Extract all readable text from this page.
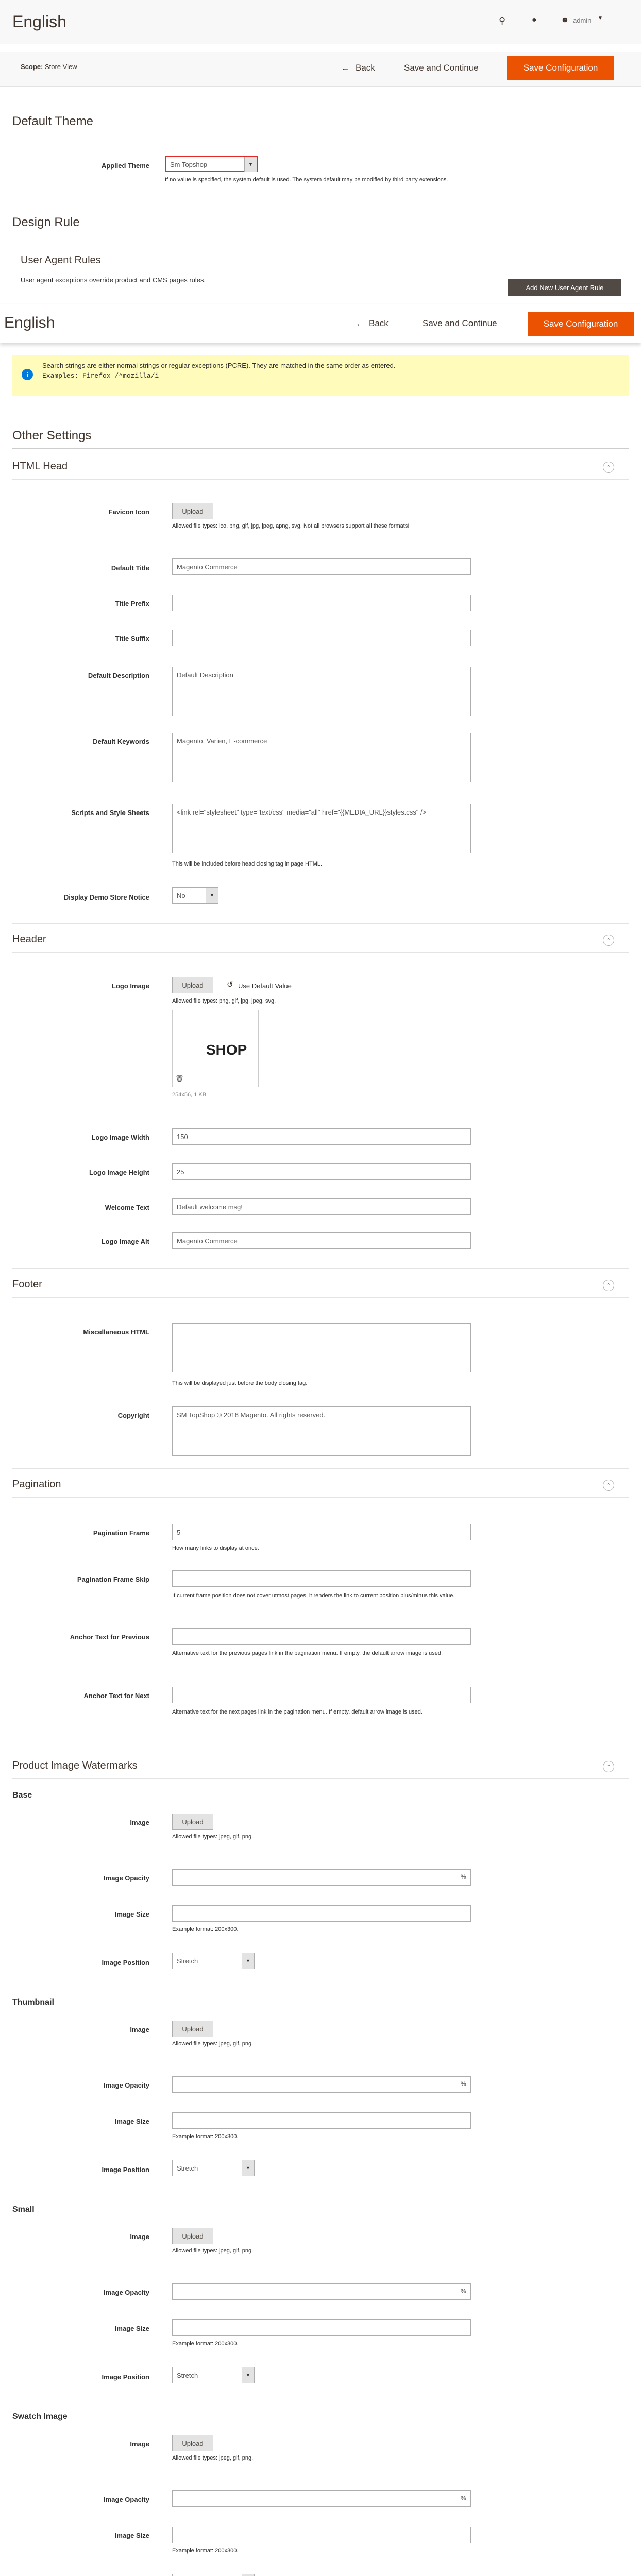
English	⚲	●	☻ admin ▼
Scope: Store View	← Back	Save and Continue	Save Configuration
Default Theme
Applied Theme	Sm Topshop	▼
If no value is specified, the system default is used. The system default may be modified by third party extensions.
Design Rule
User Agent Rules
User agent exceptions override product and CMS pages rules.
Add New User Agent Rule
English	← Back	Save and Continue	Save Configuration
i
Search strings are either normal strings or regular exceptions (PCRE). They are matched in the same order as entered.
Examples: Firefox /^mozilla/i
Other Settings
HTML Head	⌃
Favicon Icon	Upload
Allowed file types: ico, png, gif, jpg, jpeg, apng, svg. Not all browsers support all these formats!
Default Title	Magento Commerce
Title Prefix
Title Suffix
Default Description	Default Description
Default Keywords	Magento, Varien, E-commerce
Scripts and Style Sheets	<link rel="stylesheet" type="text/css" media="all" href="{{MEDIA_URL}}styles.css" />
This will be included before head closing tag in page HTML.
Display Demo Store Notice	No	▼
Header	⌃
Logo Image	Upload	↺ Use Default Value
Allowed file types: png, gif, jpg, jpeg, svg.
SHOP
🗑
254x56, 1 KB
Logo Image Width	150
Logo Image Height	25
Welcome Text	Default welcome msg!
Logo Image Alt	Magento Commerce
Footer	⌃
Miscellaneous HTML
This will be displayed just before the body closing tag.
Copyright	SM TopShop © 2018 Magento. All rights reserved.
Pagination	⌃
Pagination Frame	5
How many links to display at once.
Pagination Frame Skip
If current frame position does not cover utmost pages, it renders the link to current position plus/minus this value.
Anchor Text for Previous
Alternative text for the previous pages link in the pagination menu. If empty, the default arrow image is used.
Anchor Text for Next
Alternative text for the next pages link in the pagination menu. If empty, default arrow image is used.
Product Image Watermarks	⌃
Base
Image	Upload
Allowed file types: jpeg, gif, png.
Image Opacity	%
Image Size
Example format: 200x300.
Image Position	Stretch	▼
Thumbnail
Image	Upload
Allowed file types: jpeg, gif, png.
Image Opacity	%
Image Size
Example format: 200x300.
Image Position	Stretch	▼
Small
Image	Upload
Allowed file types: jpeg, gif, png.
Image Opacity	%
Image Size
Example format: 200x300.
Image Position	Stretch	▼
Swatch Image
Image	Upload
Allowed file types: jpeg, gif, png.
Image Opacity	%
Image Size
Example format: 200x300.
